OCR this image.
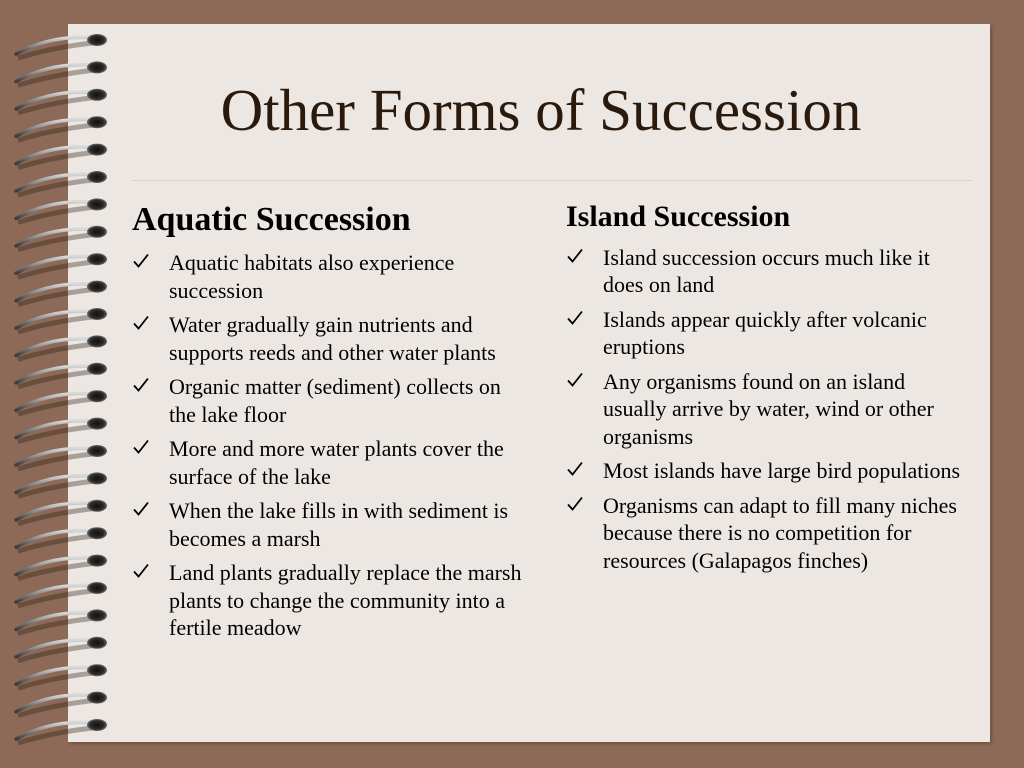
Other Forms of Succession
Aquatic Succession
Aquatic habitats also experience succession
Water gradually gain nutrients and supports reeds and other water plants
Organic matter (sediment) collects on the lake floor
More and more water plants cover the surface of the lake
When the lake fills in with sediment is becomes a marsh
Land plants gradually replace the marsh plants to change the community into a fertile meadow
Island Succession
Island succession occurs much like it does on land
Islands appear quickly after volcanic eruptions
Any organisms found on an island usually arrive by water, wind or other organisms
Most islands have large bird populations
Organisms can adapt to fill many niches because there is no competition for resources (Galapagos finches)
